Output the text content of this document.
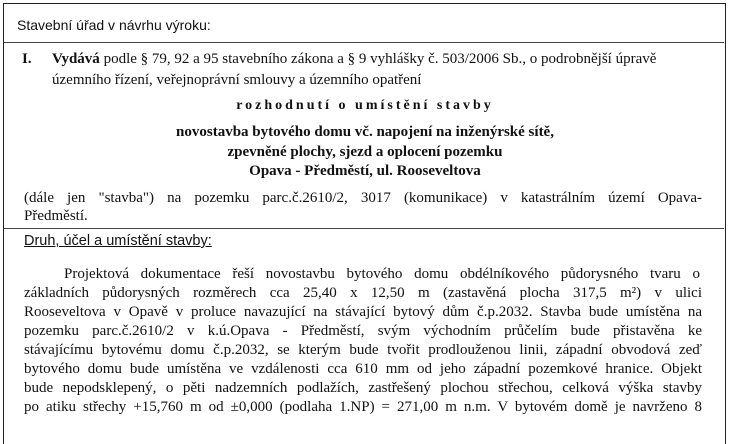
Stavební úřad v návrhu výroku:
I. Vydává podle § 79, 92 a 95 stavebního zákona a § 9 vyhlášky č. 503/2006 Sb., o podrobnější úpravě
územního řízení, veřejnoprávní smlouvy a územního opatření
rozhodnutí o umístění stavby
novostavba bytového domu vč. napojení na inženýrské sítě,
zpevněné plochy, sjezd a oplocení pozemku
Opava - Předměstí, ul. Rooseveltova
(dále jen "stavba") na pozemku parc.č.2610/2, 3017 (komunikace) v katastrálním území Opava-
Předměstí.
Druh, účel a umístění stavby:
Projektová dokumentace řeší novostavbu bytového domu obdélníkového půdorysného tvaru o
základních půdorysných rozměrech cca 25,40 x 12,50 m (zastavěná plocha 317,5 m²) v ulici
Rooseveltova v Opavě v proluce navazující na stávající bytový dům č.p.2032. Stavba bude umístěna na
pozemku parc.č.2610/2 v k.ú.Opava - Předměstí, svým východním průčelím bude přistavěna ke
stávajícímu bytovému domu č.p.2032, se kterým bude tvořit prodlouženou linii, západní obvodová zeď
bytového domu bude umístěna ve vzdálenosti cca 610 mm od jeho západní pozemkové hranice. Objekt
bude nepodsklepený, o pěti nadzemních podlažích, zastřešený plochou střechou, celková výška stavby
po atiku střechy +15,760 m od ±0,000 (podlaha 1.NP) = 271,00 m n.m. V bytovém domě je navrženo 8
